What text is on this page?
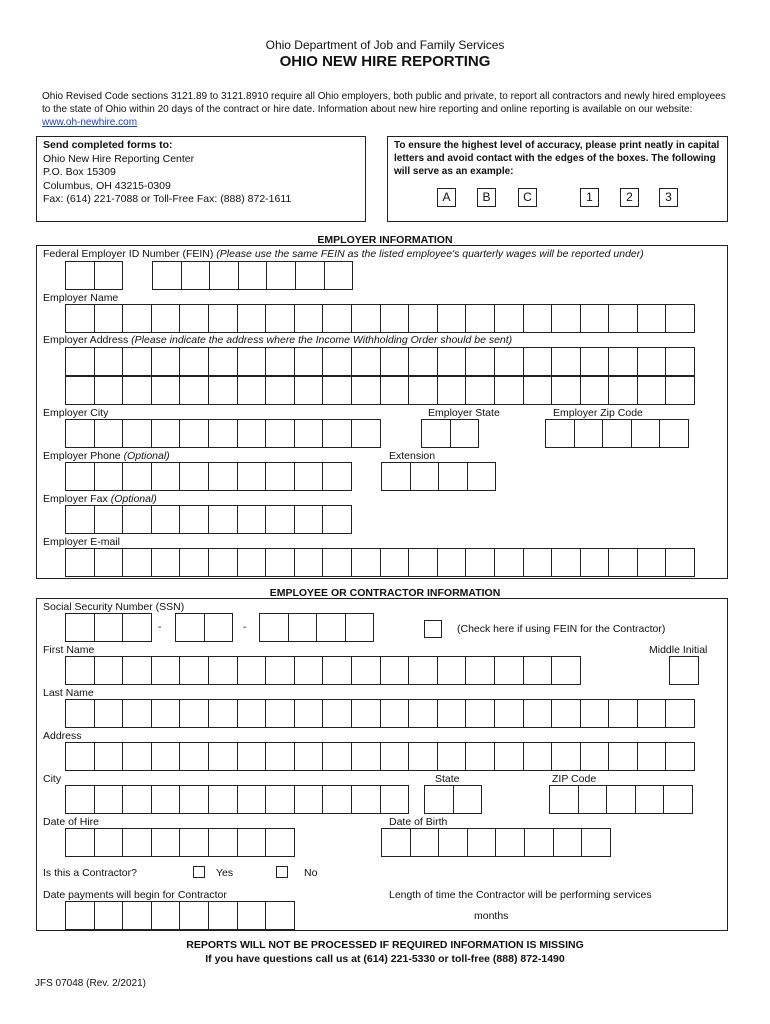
Ohio Department of Job and Family Services
OHIO NEW HIRE REPORTING
Ohio Revised Code sections 3121.89 to 3121.8910 require all Ohio employers, both public and private, to report all contractors and newly hired employees to the state of Ohio within 20 days of the contract or hire date. Information about new hire reporting and online reporting is available on our website: www.oh-newhire.com
Send completed forms to:
Ohio New Hire Reporting Center
P.O. Box 15309
Columbus, OH 43215-0309
Fax: (614) 221-7088 or Toll-Free Fax: (888) 872-1611
To ensure the highest level of accuracy, please print neatly in capital letters and avoid contact with the edges of the boxes. The following will serve as an example:
A	B	C	1	2	3
EMPLOYER INFORMATION
Federal Employer ID Number (FEIN) (Please use the same FEIN as the listed employee's quarterly wages will be reported under)
Employer Name
Employer Address (Please indicate the address where the Income Withholding Order should be sent)
Employer City	Employer State	Employer Zip Code
Employer Phone (Optional)	Extension
Employer Fax (Optional)
Employer E-mail
EMPLOYEE OR CONTRACTOR INFORMATION
Social Security Number (SSN)
-	-	(Check here if using FEIN for the Contractor)
First Name	Middle Initial
Last Name
Address
City	State	ZIP Code
Date of Hire	Date of Birth
Is this a Contractor?	Yes	No
Date payments will begin for Contractor	Length of time the Contractor will be performing services
months
REPORTS WILL NOT BE PROCESSED IF REQUIRED INFORMATION IS MISSING
If you have questions call us at (614) 221-5330 or toll-free (888) 872-1490
JFS 07048 (Rev. 2/2021)
